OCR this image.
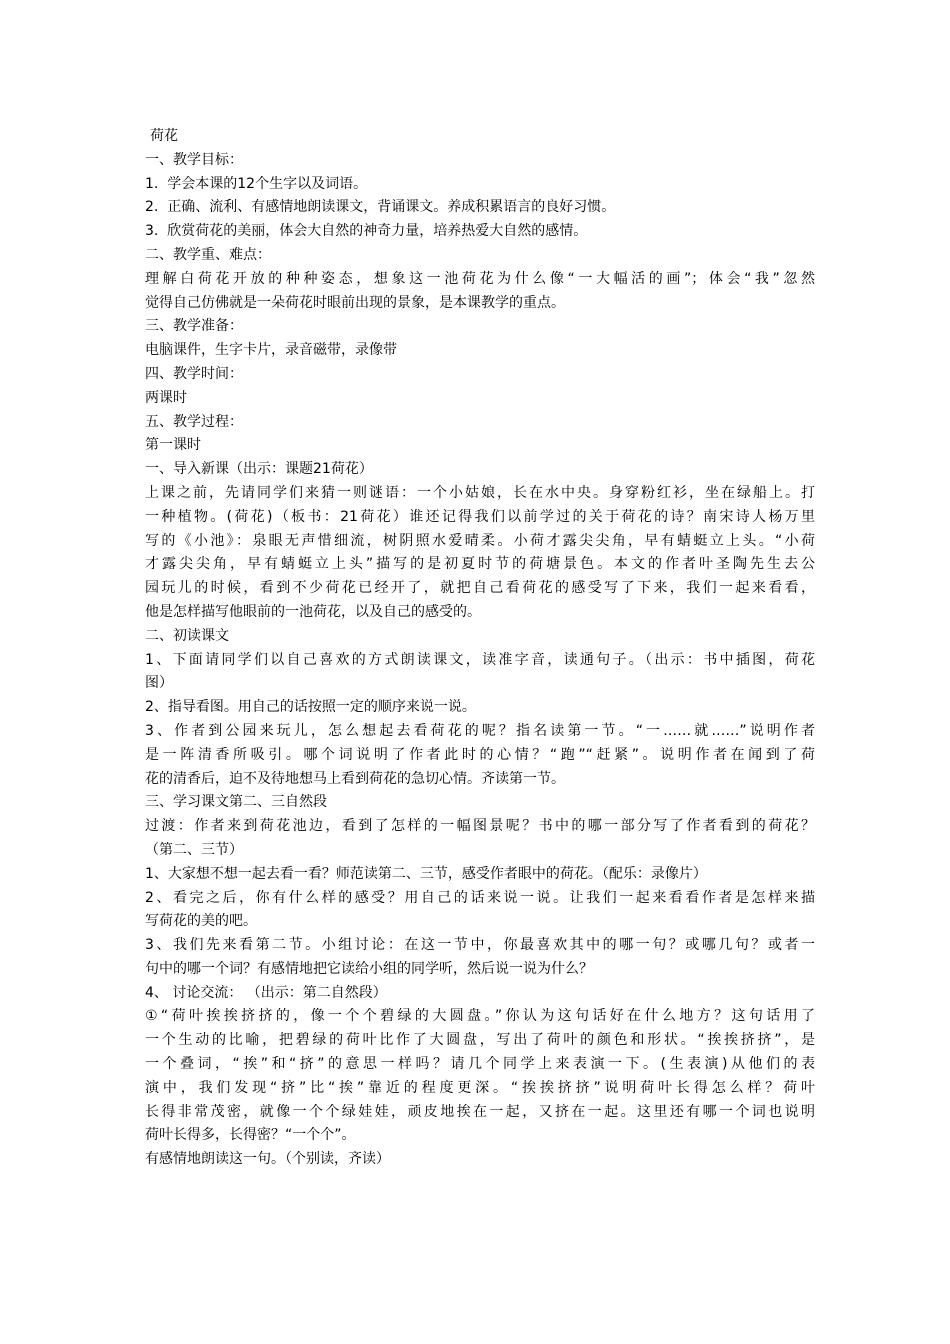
荷花
一、教学目标：
1.  学会本课的12个生字以及词语。
2.  正确、流利、有感情地朗读课文，背诵课文。养成积累语言的良好习惯。
3.  欣赏荷花的美丽，体会大自然的神奇力量，培养热爱大自然的感情。
二、教学重、难点：
理解白荷花开放的种种姿态，想象这一池荷花为什么像“一大幅活的画”；体会“我”忽然
觉得自己仿佛就是一朵荷花时眼前出现的景象，是本课教学的重点。
三、教学准备：
电脑课件，生字卡片，录音磁带，录像带
四、教学时间：
两课时
五、教学过程：
第一课时
一、导入新课（出示：课题21荷花）
上课之前，先请同学们来猜一则谜语：一个小姑娘，长在水中央。身穿粉红衫，坐在绿船上。打
一种植物。(荷花)（板书：21荷花）谁还记得我们以前学过的关于荷花的诗？南宋诗人杨万里
写的《小池》：泉眼无声惜细流，树阴照水爱晴柔。小荷才露尖尖角，早有蜻蜓立上头。“小荷
才露尖尖角，早有蜻蜓立上头”描写的是初夏时节的荷塘景色。本文的作者叶圣陶先生去公
园玩儿的时候，看到不少荷花已经开了，就把自己看荷花的感受写了下来，我们一起来看看，
他是怎样描写他眼前的一池荷花，以及自己的感受的。
二、初读课文
1、下面请同学们以自己喜欢的方式朗读课文，读准字音，读通句子。（出示：书中插图，荷花
图）
2、指导看图。用自己的话按照一定的顺序来说一说。
3、作者到公园来玩儿，怎么想起去看荷花的呢？指名读第一节。“一……就……”说明作者
是一阵清香所吸引。哪个词说明了作者此时的心情？“跑”“赶紧”。说明作者在闻到了荷
花的清香后，迫不及待地想马上看到荷花的急切心情。齐读第一节。
三、学习课文第二、三自然段
过渡：作者来到荷花池边，看到了怎样的一幅图景呢？书中的哪一部分写了作者看到的荷花？
（第二、三节）
1、大家想不想一起去看一看？师范读第二、三节，感受作者眼中的荷花。（配乐：录像片）
2、看完之后，你有什么样的感受？用自己的话来说一说。让我们一起来看看作者是怎样来描
写荷花的美的吧。
3、我们先来看第二节。小组讨论：在这一节中，你最喜欢其中的哪一句？或哪几句？或者一
句中的哪一个词？有感情地把它读给小组的同学听，然后说一说为什么？
4、 讨论交流： （出示：第二自然段）
①“荷叶挨挨挤挤的，像一个个碧绿的大圆盘。”你认为这句话好在什么地方？这句话用了
一个生动的比喻，把碧绿的荷叶比作了大圆盘，写出了荷叶的颜色和形状。“挨挨挤挤”，是
一个叠词，“挨”和“挤”的意思一样吗？请几个同学上来表演一下。(生表演)从他们的表
演中，我们发现“挤”比“挨”靠近的程度更深。“挨挨挤挤”说明荷叶长得怎么样？荷叶
长得非常茂密，就像一个个绿娃娃，顽皮地挨在一起，又挤在一起。这里还有哪一个词也说明
荷叶长得多，长得密？“一个个”。
有感情地朗读这一句。（个别读，齐读）
